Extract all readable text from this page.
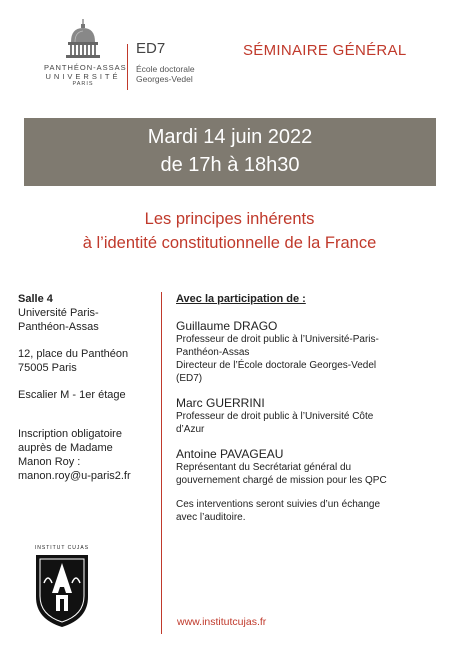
PANTHÉON-ASSAS
UNIVERSITÉ
PARIS
ED7
École doctorale
Georges-Vedel
SÉMINAIRE GÉNÉRAL
Mardi 14 juin 2022
de 17h à 18h30
Les principes inhérents
à l’identité constitutionnelle de la France

Salle 4

Université Paris-

Panthéon-Assas

12, place du Panthéon

75005 Paris

Escalier M - 1er étage

Inscription obligatoire

auprès de Madame

Manon Roy :

manon.roy@u-paris2.fr

INSTITUT CUJAS

Avec la participation de :

Guillaume DRAGO

Professeur de droit public à l’Université-Paris-

Panthéon-Assas

Directeur de l’École doctorale Georges-Vedel

(ED7)

Marc GUERRINI

Professeur de droit public à l’Université Côte

d’Azur

Antoine PAVAGEAU

Représentant du Secrétariat général du

gouvernement chargé de mission pour les QPC

Ces interventions seront suivies d’un échange

avec l’auditoire.

www.institutcujas.fr
